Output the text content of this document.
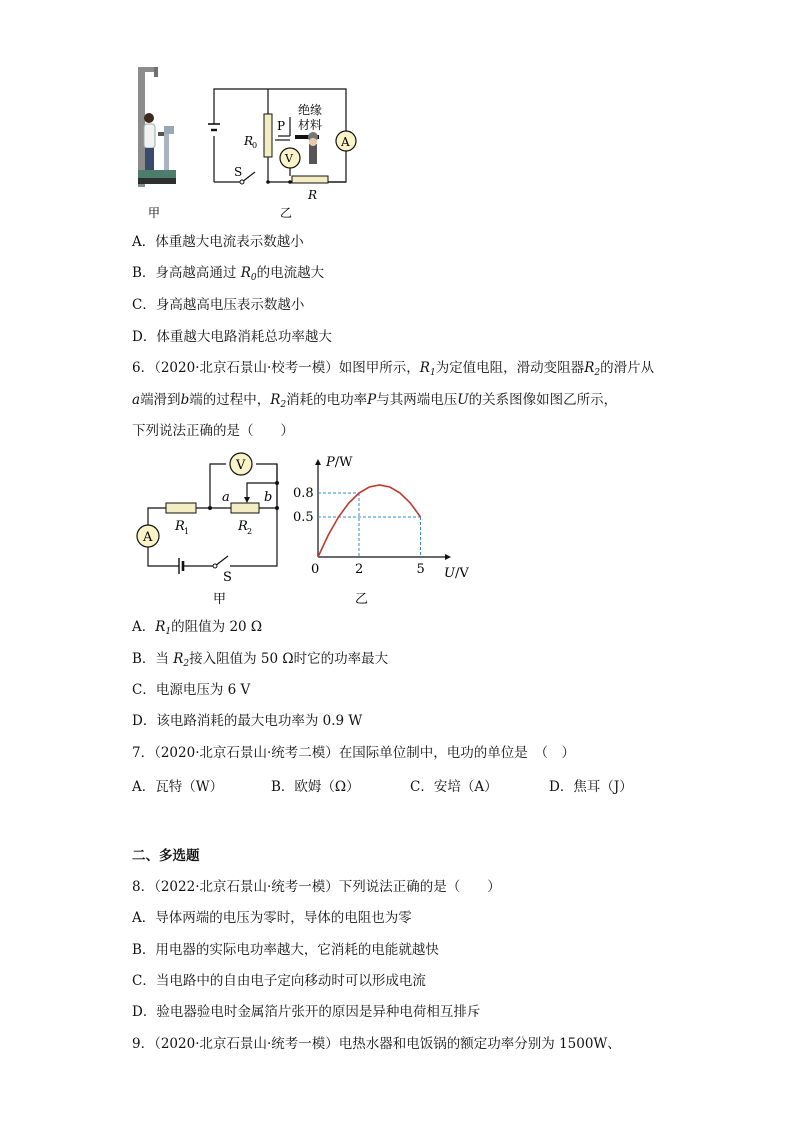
A
V
R
0
P
绝缘
材料
S
R
甲	乙
A．体重越大电流表示数越小
B．身高越高通过 $R_0$的电流越大
C．身高越高电压表示数越小
D．体重越大电路消耗总功率越大
6．（2020·北京石景山·校考一模）如图甲所示，$R_1$为定值电阻，滑动变阻器$R_2$的滑片从
a端滑到b端的过程中，$R_2$消耗的电功率P与其两端电压U的关系图像如图乙所示，
下列说法正确的是（　　）
V
A
a	b
R 1	R 2
S
甲
0	2	5
0.8
0.5
P/W
U/V
乙
A．$R_1$的阻值为 20 Ω
B．当 $R_2$接入阻值为 50 Ω时它的功率最大
C．电源电压为 6 V
D．该电路消耗的最大电功率为 0.9 W
7．（2020·北京石景山·统考二模）在国际单位制中，电功的单位是　（　）
A．瓦特（W）	B．欧姆（Ω）	C．安培（A）	D．焦耳（J）
二、多选题
8．（2022·北京石景山·统考一模）下列说法正确的是（　　）
A．导体两端的电压为零时，导体的电阻也为零
B．用电器的实际电功率越大，它消耗的电能就越快
C．当电路中的自由电子定向移动时可以形成电流
D．验电器验电时金属箔片张开的原因是异种电荷相互排斥
9．（2020·北京石景山·统考一模）电热水器和电饭锅的额定功率分别为 1500W、
